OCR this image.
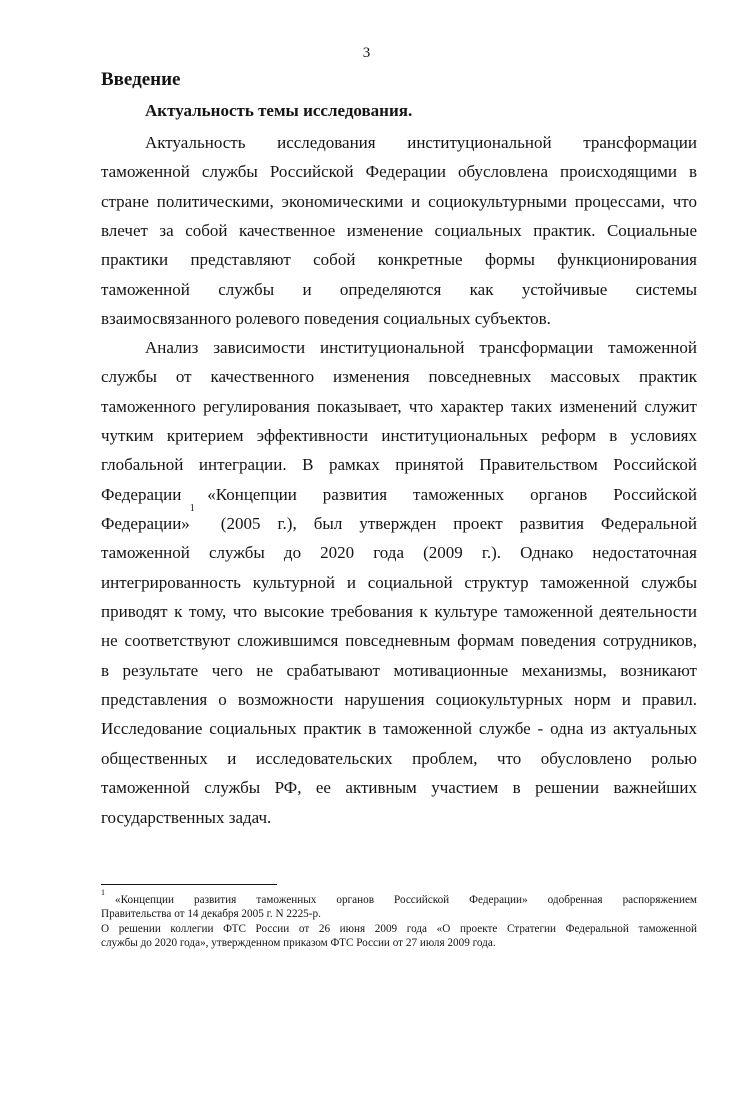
3
Введение
Актуальность темы исследования.
Актуальность исследования институциональной трансформации
таможенной службы Российской Федерации обусловлена происходящими в
стране политическими, экономическими и социокультурными процессами, что
влечет за собой качественное изменение социальных практик. Социальные
практики представляют собой конкретные формы функционирования
таможенной службы и определяются как устойчивые системы
взаимосвязанного ролевого поведения социальных субъектов.
Анализ зависимости институциональной трансформации таможенной
службы от качественного изменения повседневных массовых практик
таможенного регулирования показывает, что характер таких изменений служит
чутким критерием эффективности институциональных реформ в условиях
глобальной интеграции. В рамках принятой Правительством Российской
Федерации «Концепции развития таможенных органов Российской
Федерации»
1
(2005 г.), был утвержден проект развития Федеральной
таможенной службы до 2020 года (2009 г.). Однако недостаточная
интегрированность культурной и социальной структур таможенной службы
приводят к тому, что высокие требования к культуре таможенной деятельности
не соответствуют сложившимся повседневным формам поведения сотрудников,
в результате чего не срабатывают мотивационные механизмы, возникают
представления о возможности нарушения социокультурных норм и правил.
Исследование социальных практик в таможенной службе - одна из актуальных
общественных и исследовательских проблем, что обусловлено ролью
таможенной службы РФ, ее активным участием в решении важнейших
государственных задач.
1
«Концепции развития таможенных органов Российской Федерации» одобренная распоряжением
Правительства от 14 декабря 2005 г. N 2225-р.
О решении коллегии ФТС России от 26 июня 2009 года «О проекте Стратегии Федеральной таможенной
службы до 2020 года», утвержденном приказом ФТС России от 27 июля 2009 года.
